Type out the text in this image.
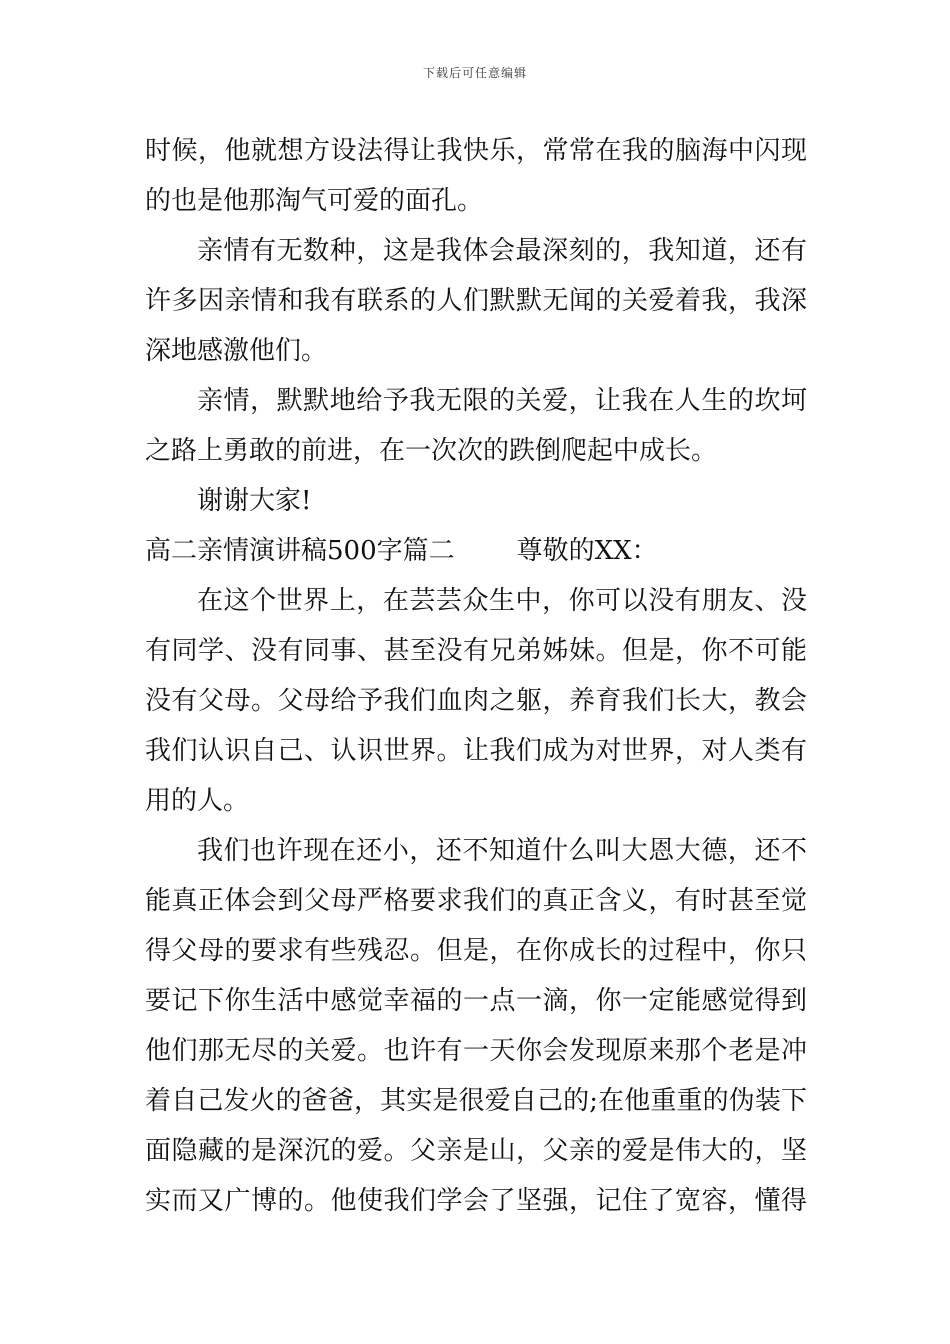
下载后可任意编辑
时候，他就想方设法得让我快乐，常常在我的脑海中闪现
的也是他那淘气可爱的面孔。
亲情有无数种，这是我体会最深刻的，我知道，还有
许多因亲情和我有联系的人们默默无闻的关爱着我，我深
深地感激他们。
亲情，默默地给予我无限的关爱，让我在人生的坎坷
之路上勇敢的前进，在一次次的跌倒爬起中成长。
谢谢大家!
高二亲情演讲稿500字篇二 尊敬的XX：
在这个世界上，在芸芸众生中，你可以没有朋友、没
有同学、没有同事、甚至没有兄弟姊妹。但是，你不可能
没有父母。父母给予我们血肉之躯，养育我们长大，教会
我们认识自己、认识世界。让我们成为对世界，对人类有
用的人。
我们也许现在还小，还不知道什么叫大恩大德，还不
能真正体会到父母严格要求我们的真正含义，有时甚至觉
得父母的要求有些残忍。但是，在你成长的过程中，你只
要记下你生活中感觉幸福的一点一滴，你一定能感觉得到
他们那无尽的关爱。也许有一天你会发现原来那个老是冲
着自己发火的爸爸，其实是很爱自己的;在他重重的伪装下
面隐藏的是深沉的爱。父亲是山，父亲的爱是伟大的，坚
实而又广博的。他使我们学会了坚强，记住了宽容，懂得
